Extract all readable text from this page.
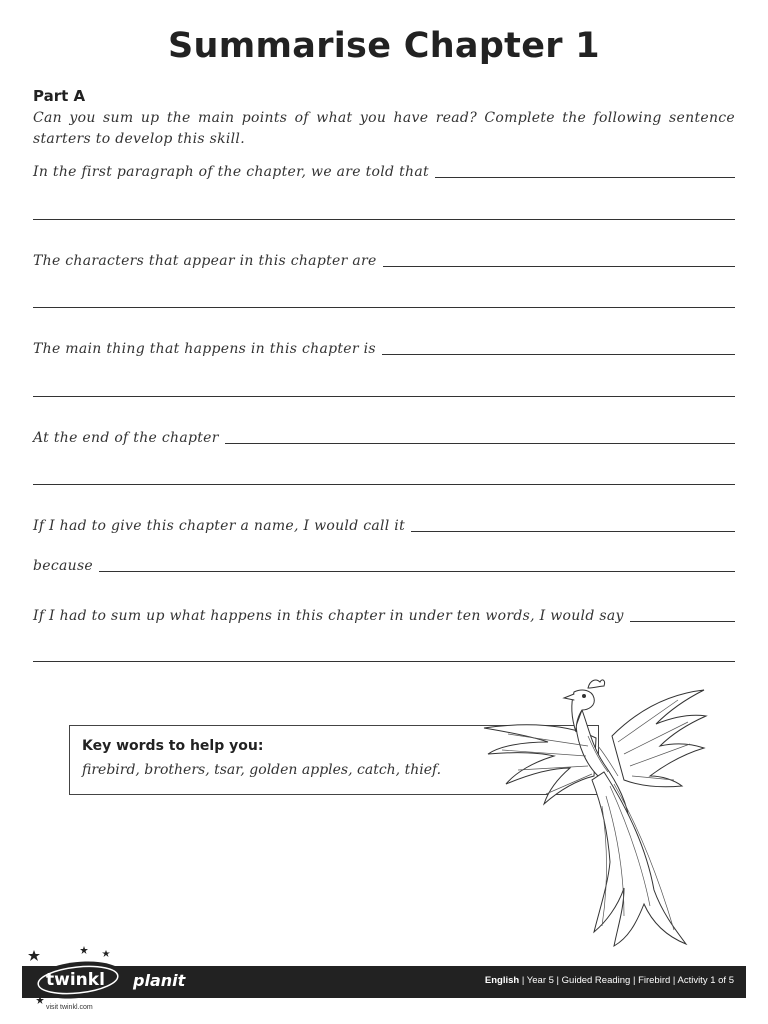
Summarise Chapter 1
Part A
Can you sum up the main points of what you have read? Complete the following sentence starters to develop this skill.
In the first paragraph of the chapter, we are told that
The characters that appear in this chapter are
The main thing that happens in this chapter is
At the end of the chapter
If I had to give this chapter a name, I would call it
because
If I had to sum up what happens in this chapter in under ten words, I would say
Key words to help you:
firebird, brothers, tsar, golden apples, catch, thief.
English | Year 5 | Guided Reading | Firebird | Activity 1 of 5
twinkl planit
visit twinkl.com
